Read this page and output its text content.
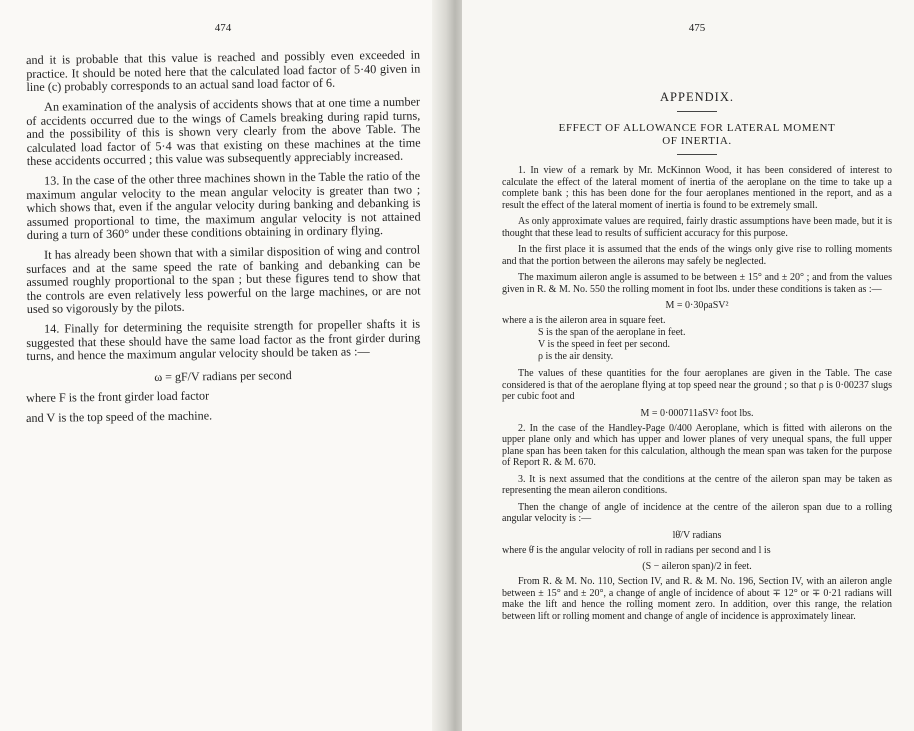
474

and it is probable that this value is reached and possibly even exceeded in practice. It should be noted here that the calculated load factor of 5·40 given in line (c) probably corresponds to an actual sand load factor of 6.

An examination of the analysis of accidents shows that at one time a number of accidents occurred due to the wings of Camels breaking during rapid turns, and the possibility of this is shown very clearly from the above Table. The calculated load factor of 5·4 was that existing on these machines at the time these accidents occurred ; this value was subsequently appreciably increased.

13. In the case of the other three machines shown in the Table the ratio of the maximum angular velocity to the mean angular velocity is greater than two ; which shows that, even if the angular velocity during banking and debanking is assumed proportional to time, the maximum angular velocity is not attained during a turn of 360° under these conditions obtaining in ordinary flying.

It has already been shown that with a similar disposition of wing and control surfaces and at the same speed the rate of banking and debanking can be assumed roughly proportional to the span ; but these figures tend to show that the controls are even relatively less powerful on the large machines, or are not used so vigorously by the pilots.

14. Finally for determining the requisite strength for propeller shafts it is suggested that these should have the same load factor as the front girder during turns, and hence the maximum angular velocity should be taken as :—

ω = gF/V radians per second

where F is the front girder load factor

and V is the top speed of the machine.

475
APPENDIX.
EFFECT OF ALLOWANCE FOR LATERAL MOMENT
OF INERTIA.

1. In view of a remark by Mr. McKinnon Wood, it has been considered of interest to calculate the effect of the lateral moment of inertia of the aeroplane on the time to take up a complete bank ; this has been done for the four aeroplanes mentioned in the report, and as a result the effect of the lateral moment of inertia is found to be extremely small.

As only approximate values are required, fairly drastic assumptions have been made, but it is thought that these lead to results of sufficient accuracy for this purpose.

In the first place it is assumed that the ends of the wings only give rise to rolling moments and that the portion between the ailerons may safely be neglected.

The maximum aileron angle is assumed to be between ± 15° and ± 20° ; and from the values given in R. & M. No. 550 the rolling moment in foot lbs. under these conditions is taken as :—

M = 0·30ρaSV²
where a is the aileron area in square feet.
S is the span of the aeroplane in feet.
V is the speed in feet per second.
ρ is the air density.

The values of these quantities for the four aeroplanes are given in the Table. The case considered is that of the aeroplane flying at top speed near the ground ; so that ρ is 0·00237 slugs per cubic foot and

M = 0·000711aSV² foot lbs.

2. In the case of the Handley-Page 0/400 Aeroplane, which is fitted with ailerons on the upper plane only and which has upper and lower planes of very unequal spans, the full upper plane span has been taken for this calculation, although the mean span was taken for the purpose of Report R. & M. 670.

3. It is next assumed that the conditions at the centre of the aileron span may be taken as representing the mean aileron conditions.

Then the change of angle of incidence at the centre of the aileron span due to a rolling angular velocity is :—

lθ̇/V radians

where θ̇ is the angular velocity of roll in radians per second and l is

(S − aileron span)/2 in feet.

From R. & M. No. 110, Section IV, and R. & M. No. 196, Section IV, with an aileron angle between ± 15° and ± 20°, a change of angle of incidence of about ∓ 12° or ∓ 0·21 radians will make the lift and hence the rolling moment zero. In addition, over this range, the relation between lift or rolling moment and change of angle of incidence is approximately linear.
